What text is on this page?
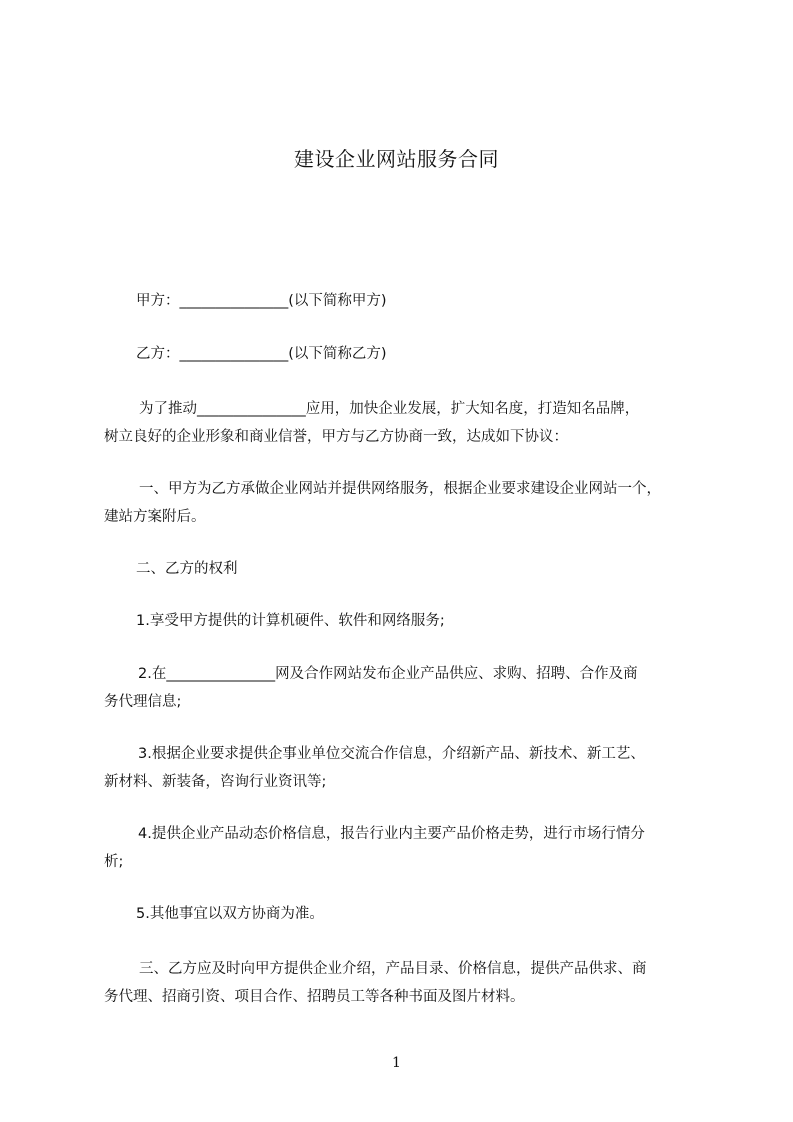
建设企业网站服务合同
甲方：_______________(以下简称甲方)
乙方：_______________(以下简称乙方)
为了推动_______________应用，加快企业发展，扩大知名度，打造知名品牌，
树立良好的企业形象和商业信誉，甲方与乙方协商一致，达成如下协议：
一、甲方为乙方承做企业网站并提供网络服务，根据企业要求建设企业网站一个，
建站方案附后。
二、乙方的权利
1.享受甲方提供的计算机硬件、软件和网络服务;
2.在_______________网及合作网站发布企业产品供应、求购、招聘、合作及商
务代理信息;
3.根据企业要求提供企事业单位交流合作信息，介绍新产品、新技术、新工艺、
新材料、新装备，咨询行业资讯等;
4.提供企业产品动态价格信息，报告行业内主要产品价格走势，进行市场行情分
析;
5.其他事宜以双方协商为准。
三、乙方应及时向甲方提供企业介绍，产品目录、价格信息，提供产品供求、商
务代理、招商引资、项目合作、招聘员工等各种书面及图片材料。
1
